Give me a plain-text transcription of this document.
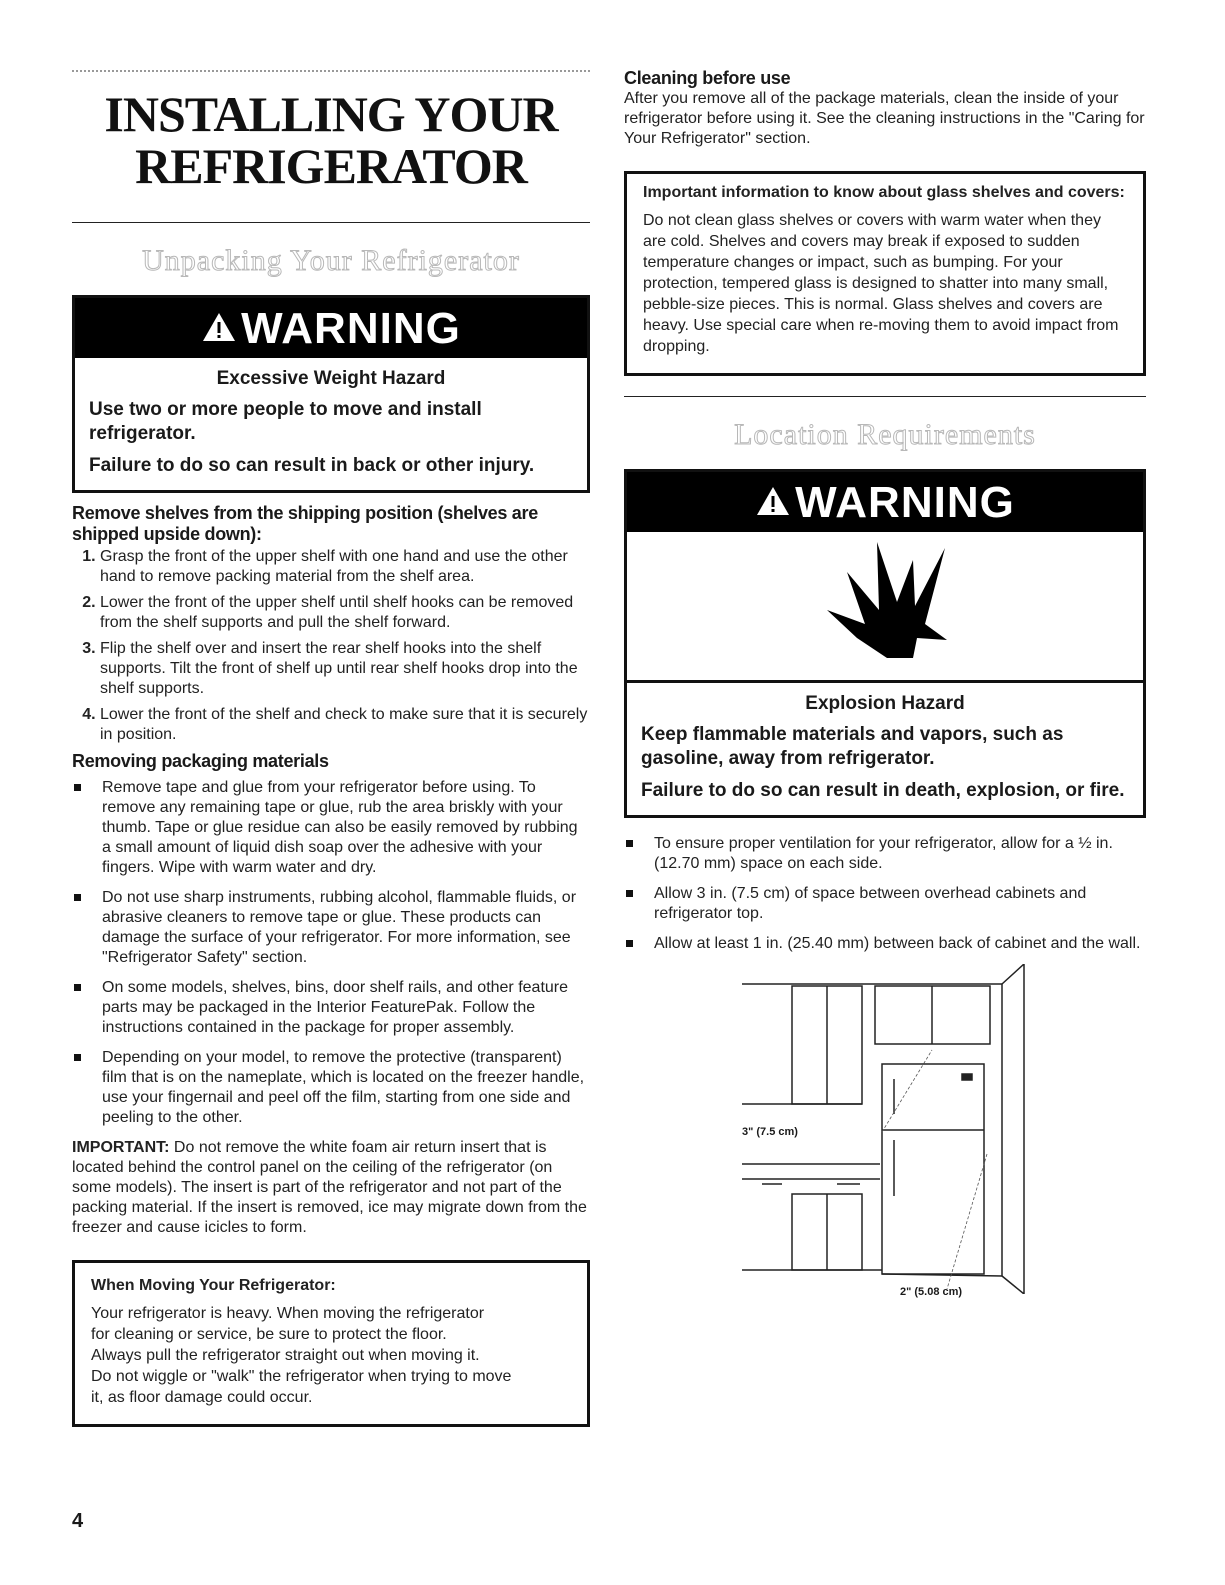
INSTALLING YOUR
REFRIGERATOR
Unpacking Your Refrigerator
WARNING
Excessive Weight Hazard
Use two or more people to move and install refrigerator.
Failure to do so can result in back or other injury.
Remove shelves from the shipping position (shelves are shipped upside down):
1. Grasp the front of the upper shelf with one hand and use the other hand to remove packing material from the shelf area.
2. Lower the front of the upper shelf until shelf hooks can be removed from the shelf supports and pull the shelf forward.
3. Flip the shelf over and insert the rear shelf hooks into the shelf supports. Tilt the front of shelf up until rear shelf hooks drop into the shelf supports.
4. Lower the front of the shelf and check to make sure that it is securely in position.
Removing packaging materials
Remove tape and glue from your refrigerator before using. To remove any remaining tape or glue, rub the area briskly with your thumb. Tape or glue residue can also be easily removed by rubbing a small amount of liquid dish soap over the adhesive with your fingers. Wipe with warm water and dry.
Do not use sharp instruments, rubbing alcohol, flammable fluids, or abrasive cleaners to remove tape or glue. These products can damage the surface of your refrigerator. For more information, see "Refrigerator Safety" section.
On some models, shelves, bins, door shelf rails, and other feature parts may be packaged in the Interior FeaturePak. Follow the instructions contained in the package for proper assembly.
Depending on your model, to remove the protective (transparent) film that is on the nameplate, which is located on the freezer handle, use your fingernail and peel off the film, starting from one side and peeling to the other.

IMPORTANT: Do not remove the white foam air return insert that is located behind the control panel on the ceiling of the refrigerator (on some models). The insert is part of the refrigerator and not part of the packing material. If the insert is removed, ice may migrate down from the freezer and cause icicles to form.

When Moving Your Refrigerator:

Your refrigerator is heavy. When moving the refrigerator

for cleaning or service, be sure to protect the floor.

Always pull the refrigerator straight out when moving it.

Do not wiggle or "walk" the refrigerator when trying to move

it, as floor damage could occur.

Cleaning before use

After you remove all of the package materials, clean the inside of your refrigerator before using it. See the cleaning instructions in the "Caring for Your Refrigerator" section.

Important information to know about glass shelves and covers:

Do not clean glass shelves or covers with warm water when they are cold. Shelves and covers may break if exposed to sudden temperature changes or impact, such as bumping. For your protection, tempered glass is designed to shatter into many small, pebble-size pieces. This is normal. Glass shelves and covers are heavy. Use special care when re-moving them to avoid impact from dropping.

Location Requirements
WARNING
Explosion Hazard
Keep flammable materials and vapors, such as gasoline, away from refrigerator.
Failure to do so can result in death, explosion, or fire.
To ensure proper ventilation for your refrigerator, allow for a ½ in. (12.70 mm) space on each side.
Allow 3 in. (7.5 cm) of space between overhead cabinets and refrigerator top.
Allow at least 1 in. (25.40 mm) between back of cabinet and the wall.
3" (7.5 cm)
2" (5.08 cm)
4
